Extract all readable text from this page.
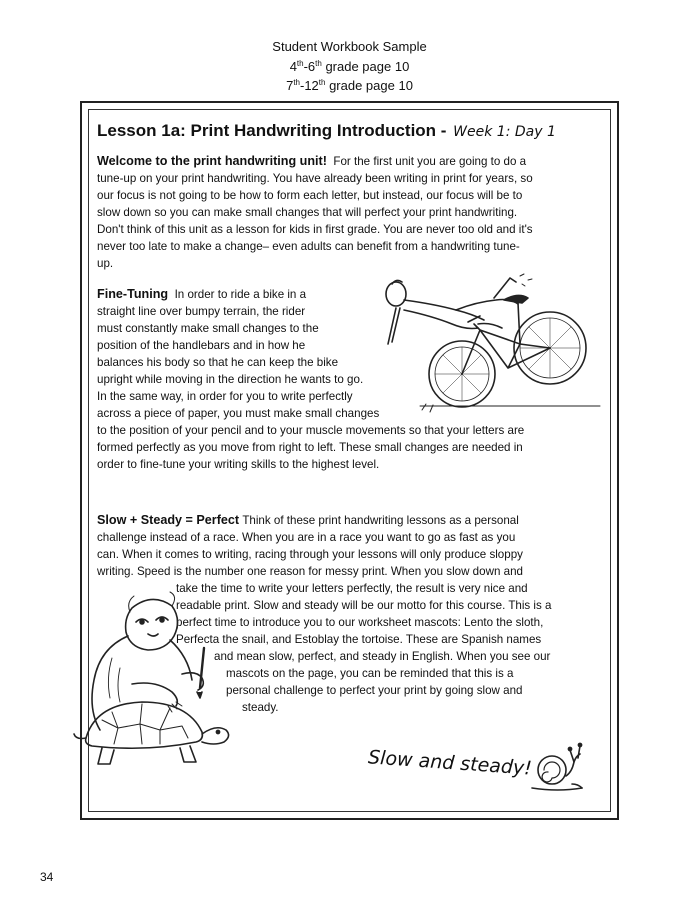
Student Workbook Sample
4th-6th grade page 10
7th-12th grade page 10
Lesson 1a: Print Handwriting Introduction - Week 1: Day 1
Welcome to the print handwriting unit! For the first unit you are going to do a
tune-up on your print handwriting. You have already been writing in print for years, so
our focus is not going to be how to form each letter, but instead, our focus will be to
slow down so you can make small changes that will perfect your print handwriting.
Don't think of this unit as a lesson for kids in first grade. You are never too old and it's
never too late to make a change– even adults can benefit from a handwriting tune-
up.
Fine-Tuning In order to ride a bike in a
straight line over bumpy terrain, the rider
must constantly make small changes to the
position of the handlebars and in how he
balances his body so that he can keep the bike
upright while moving in the direction he wants to go.
In the same way, in order for you to write perfectly
across a piece of paper, you must make small changes
to the position of your pencil and to your muscle movements so that your letters are
formed perfectly as you move from right to left. These small changes are needed in
order to fine-tune your writing skills to the highest level.
Slow + Steady = Perfect Think of these print handwriting lessons as a personal
challenge instead of a race. When you are in a race you want to go as fast as you
can. When it comes to writing, racing through your lessons will only produce sloppy
writing. Speed is the number one reason for messy print. When you slow down and
take the time to write your letters perfectly, the result is very nice and
readable print. Slow and steady will be our motto for this course. This is a
perfect time to introduce you to our worksheet mascots: Lento the sloth,
Perfecta the snail, and Estoblay the tortoise. These are Spanish names
and mean slow, perfect, and steady in English. When you see our
mascots on the page, you can be reminded that this is a
personal challenge to perfect your print by going slow and
steady.
Slow and steady!
34
